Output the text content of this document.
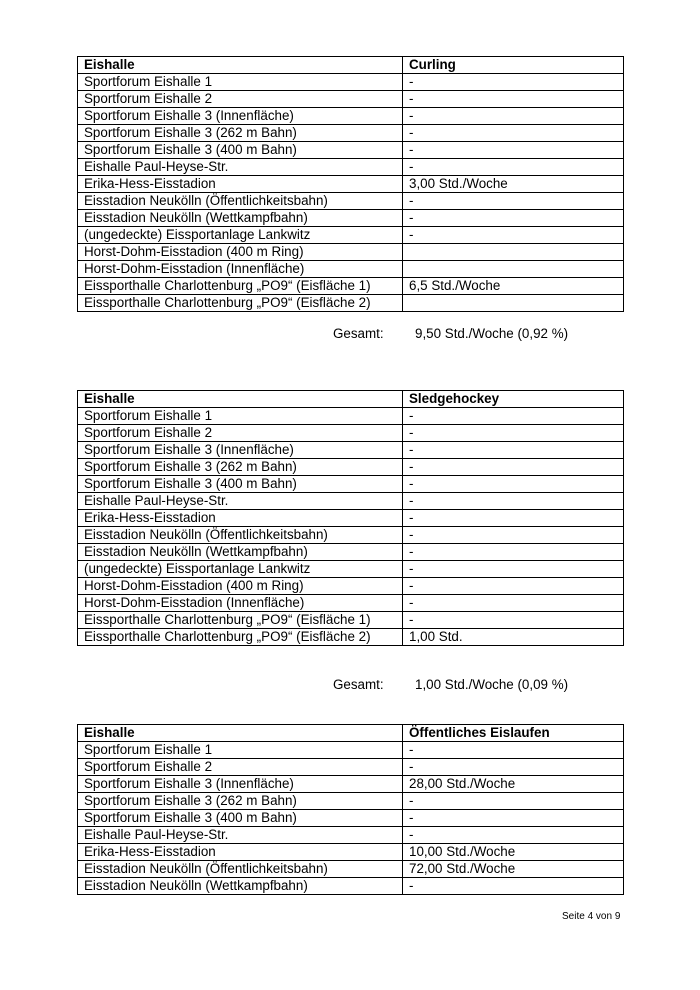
Eishalle	Curling
Sportforum Eishalle 1	-
Sportforum Eishalle 2	-
Sportforum Eishalle 3 (Innenfläche)	-
Sportforum Eishalle 3 (262 m Bahn)	-
Sportforum Eishalle 3 (400 m Bahn)	-
Eishalle Paul-Heyse-Str.	-
Erika-Hess-Eisstadion	3,00 Std./Woche
Eisstadion Neukölln (Öffentlichkeitsbahn)	-
Eisstadion Neukölln (Wettkampfbahn)	-
(ungedeckte) Eissportanlage Lankwitz	-
Horst-Dohm-Eisstadion (400 m Ring)	
Horst-Dohm-Eisstadion (Innenfläche)	
Eissporthalle Charlottenburg „PO9“ (Eisfläche 1)	6,5 Std./Woche
Eissporthalle Charlottenburg „PO9“ (Eisfläche 2)	
Gesamt: 9,50 Std./Woche (0,92 %)
Eishalle	Sledgehockey
Sportforum Eishalle 1	-
Sportforum Eishalle 2	-
Sportforum Eishalle 3 (Innenfläche)	-
Sportforum Eishalle 3 (262 m Bahn)	-
Sportforum Eishalle 3 (400 m Bahn)	-
Eishalle Paul-Heyse-Str.	-
Erika-Hess-Eisstadion	-
Eisstadion Neukölln (Öffentlichkeitsbahn)	-
Eisstadion Neukölln (Wettkampfbahn)	-
(ungedeckte) Eissportanlage Lankwitz	-
Horst-Dohm-Eisstadion (400 m Ring)	-
Horst-Dohm-Eisstadion (Innenfläche)	-
Eissporthalle Charlottenburg „PO9“ (Eisfläche 1)	-
Eissporthalle Charlottenburg „PO9“ (Eisfläche 2)	1,00 Std.
Gesamt: 1,00 Std./Woche (0,09 %)
Eishalle	Öffentliches Eislaufen
Sportforum Eishalle 1	-
Sportforum Eishalle 2	-
Sportforum Eishalle 3 (Innenfläche)	28,00 Std./Woche
Sportforum Eishalle 3 (262 m Bahn)	-
Sportforum Eishalle 3 (400 m Bahn)	-
Eishalle Paul-Heyse-Str.	-
Erika-Hess-Eisstadion	10,00 Std./Woche
Eisstadion Neukölln (Öffentlichkeitsbahn)	72,00 Std./Woche
Eisstadion Neukölln (Wettkampfbahn)	-
Seite 4 von 9
